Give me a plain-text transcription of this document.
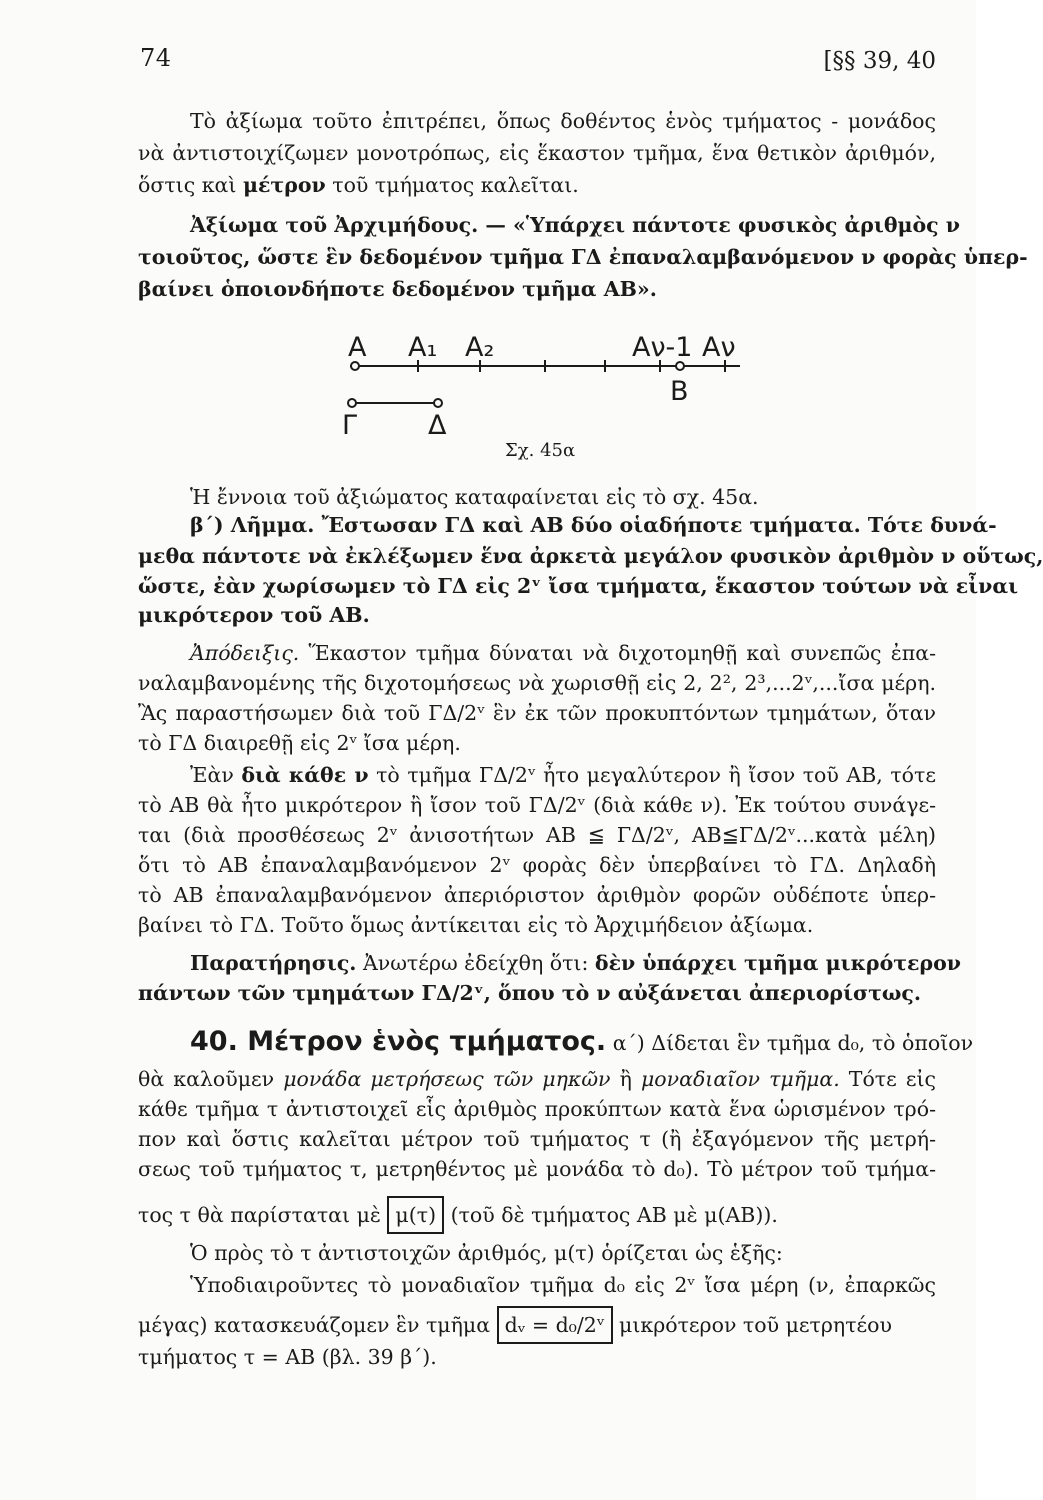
74	[§§ 39, 40
Τὸ ἀξίωμα τοῦτο ἐπιτρέπει, ὅπως δοθέντος ἑνὸς τμήματος - μονάδος
νὰ ἀντιστοιχίζωμεν μονοτρόπως, εἰς ἕκαστον τμῆμα, ἕνα θετικὸν ἀριθμόν,
ὅστις καὶ μέτρον τοῦ τμήματος καλεῖται.
Ἀξίωμα τοῦ Ἀρχιμήδους. — «Ὑπάρχει πάντοτε φυσικὸς ἀριθμὸς ν
τοιοῦτος, ὥστε ἓν δεδομένον τμῆμα ΓΔ ἐπαναλαμβανόμενον ν φορὰς ὑπερ-
βαίνει ὁποιονδήποτε δεδομένον τμῆμα ΑΒ».
Α Α₁ Α₂	Αν-1 Αν
Β
Γ	Δ
Σχ. 45α
Ἡ ἔννοια τοῦ ἀξιώματος καταφαίνεται εἰς τὸ σχ. 45α.
β΄) Λῆμμα. Ἔστωσαν ΓΔ καὶ ΑΒ δύο οἱαδήποτε τμήματα. Τότε δυνά-
μεθα πάντοτε νὰ ἐκλέξωμεν ἕνα ἀρκετὰ μεγάλον φυσικὸν ἀριθμὸν ν οὕτως,
ὥστε, ἐὰν χωρίσωμεν τὸ ΓΔ εἰς 2ᵛ ἴσα τμήματα, ἕκαστον τούτων νὰ εἶναι
μικρότερον τοῦ ΑΒ.
Ἀπόδειξις. Ἕκαστον τμῆμα δύναται νὰ διχοτομηθῇ καὶ συνεπῶς ἐπα-
ναλαμβανομένης τῆς διχοτομήσεως νὰ χωρισθῇ εἰς 2, 2², 2³,...2ᵛ,...ἴσα μέρη.
Ἂς παραστήσωμεν διὰ τοῦ ΓΔ/2ᵛ ἓν ἐκ τῶν προκυπτόντων τμημάτων, ὅταν
τὸ ΓΔ διαιρεθῇ εἰς 2ᵛ ἴσα μέρη.
Ἐὰν διὰ κάθε ν τὸ τμῆμα ΓΔ/2ᵛ ἦτο μεγαλύτερον ἢ ἴσον τοῦ ΑΒ, τότε
τὸ ΑΒ θὰ ἦτο μικρότερον ἢ ἴσον τοῦ ΓΔ/2ᵛ (διὰ κάθε ν). Ἐκ τούτου συνάγε-
ται (διὰ προσθέσεως 2ᵛ ἀνισοτήτων ΑΒ ≦ ΓΔ/2ᵛ, ΑΒ≦ΓΔ/2ᵛ...κατὰ μέλη)
ὅτι τὸ ΑΒ ἐπαναλαμβανόμενον 2ᵛ φορὰς δὲν ὑπερβαίνει τὸ ΓΔ. Δηλαδὴ
τὸ ΑΒ ἐπαναλαμβανόμενον ἀπεριόριστον ἀριθμὸν φορῶν οὐδέποτε ὑπερ-
βαίνει τὸ ΓΔ. Τοῦτο ὅμως ἀντίκειται εἰς τὸ Ἀρχιμήδειον ἀξίωμα.
Παρατήρησις. Ἀνωτέρω ἐδείχθη ὅτι: δὲν ὑπάρχει τμῆμα μικρότερον
πάντων τῶν τμημάτων ΓΔ/2ᵛ, ὅπου τὸ ν αὐξάνεται ἀπεριορίστως.
40. Μέτρον ἑνὸς τμήματος. α΄) Δίδεται ἓν τμῆμα d₀, τὸ ὁποῖον
θὰ καλοῦμεν μονάδα μετρήσεως τῶν μηκῶν ἢ μοναδιαῖον τμῆμα. Τότε εἰς
κάθε τμῆμα τ ἀντιστοιχεῖ εἷς ἀριθμὸς προκύπτων κατὰ ἕνα ὡρισμένον τρό-
πον καὶ ὅστις καλεῖται μέτρον τοῦ τμήματος τ (ἢ ἐξαγόμενον τῆς μετρή-
σεως τοῦ τμήματος τ, μετρηθέντος μὲ μονάδα τὸ d₀). Τὸ μέτρον τοῦ τμήμα-
τος τ θὰ παρίσταται μὲ μ(τ) (τοῦ δὲ τμήματος ΑΒ μὲ μ(ΑΒ)).
Ὁ πρὸς τὸ τ ἀντιστοιχῶν ἀριθμός, μ(τ) ὁρίζεται ὡς ἑξῆς:
Ὑποδιαιροῦντες τὸ μοναδιαῖον τμῆμα d₀ εἰς 2ᵛ ἴσα μέρη (ν, ἐπαρκῶς
μέγας) κατασκευάζομεν ἓν τμῆμα dᵥ = d₀/2ᵛ μικρότερον τοῦ μετρητέου
τμήματος τ = ΑΒ (βλ. 39 β΄).
